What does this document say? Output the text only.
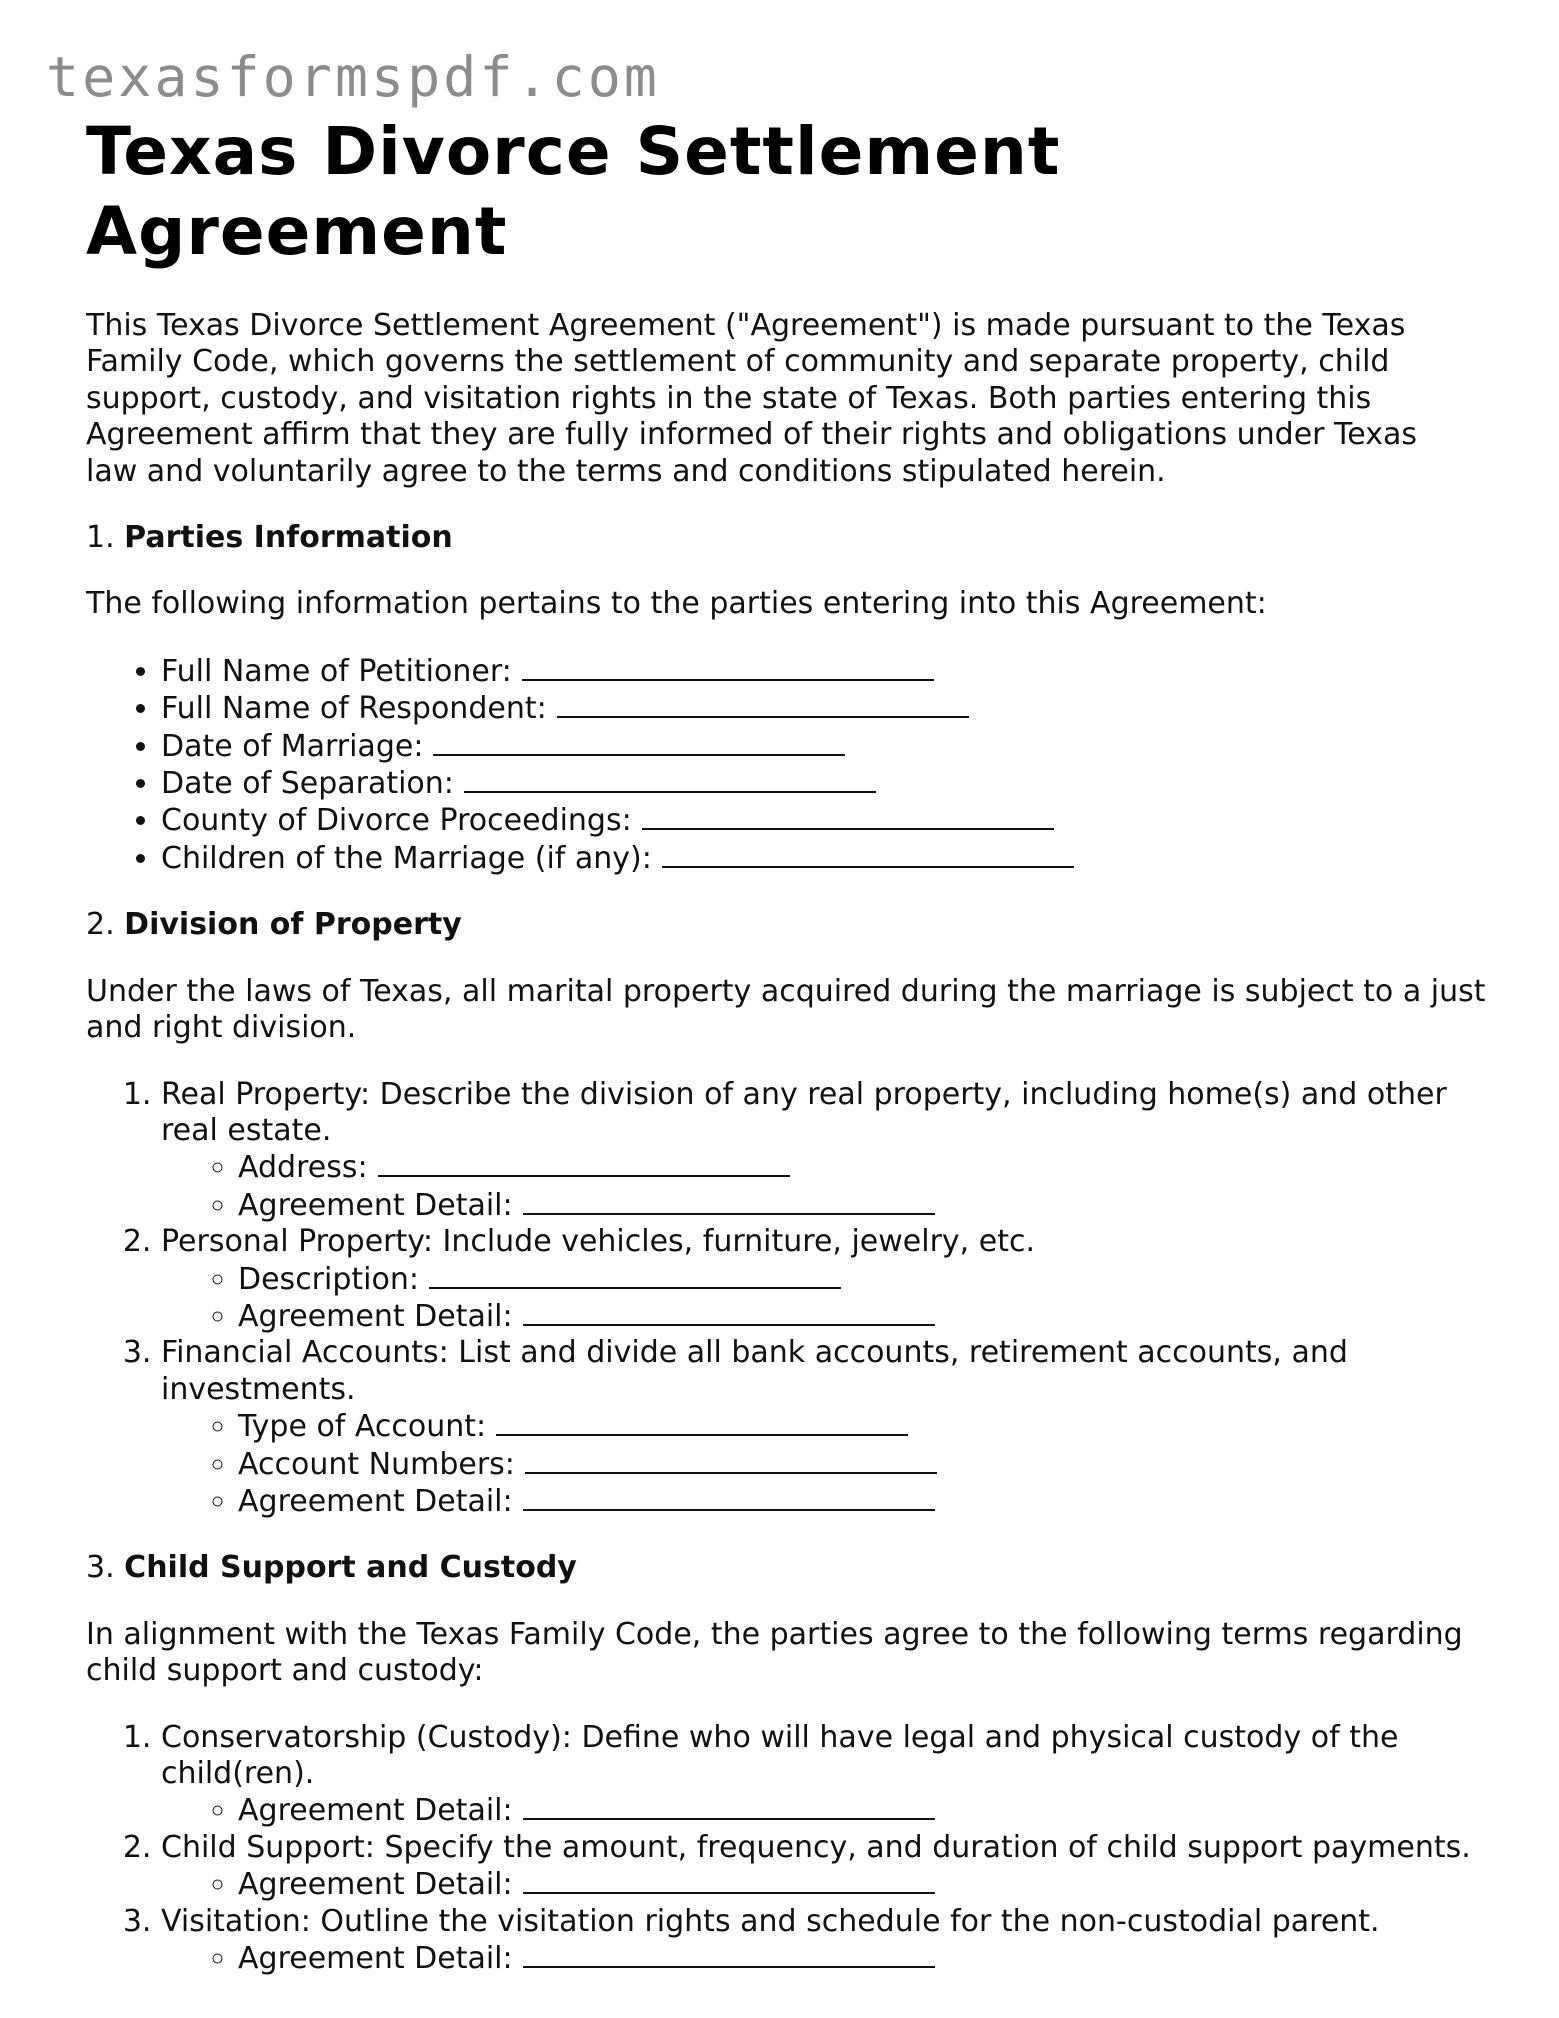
texasformspdf.com
Texas Divorce Settlement Agreement

This Texas Divorce Settlement Agreement ("Agreement") is made pursuant to the Texas Family Code, which governs the settlement of community and separate property, child support, custody, and visitation rights in the state of Texas. Both parties entering this Agreement affirm that they are fully informed of their rights and obligations under Texas law and voluntarily agree to the terms and conditions stipulated herein.

1. Parties Information

The following information pertains to the parties entering into this Agreement:

• Full Name of Petitioner:
• Full Name of Respondent:
• Date of Marriage:
• Date of Separation:
• County of Divorce Proceedings:
• Children of the Marriage (if any):

2. Division of Property

Under the laws of Texas, all marital property acquired during the marriage is subject to a just and right division.

1. Real Property: Describe the division of any real property, including home(s) and other real estate.
◦ Address:
◦ Agreement Detail:
2. Personal Property: Include vehicles, furniture, jewelry, etc.
◦ Description:
◦ Agreement Detail:
3. Financial Accounts: List and divide all bank accounts, retirement accounts, and investments.
◦ Type of Account:
◦ Account Numbers:
◦ Agreement Detail:

3. Child Support and Custody

In alignment with the Texas Family Code, the parties agree to the following terms regarding child support and custody:

1. Conservatorship (Custody): Define who will have legal and physical custody of the child(ren).
◦ Agreement Detail:
2. Child Support: Specify the amount, frequency, and duration of child support payments.
◦ Agreement Detail:
3. Visitation: Outline the visitation rights and schedule for the non-custodial parent.
◦ Agreement Detail:
